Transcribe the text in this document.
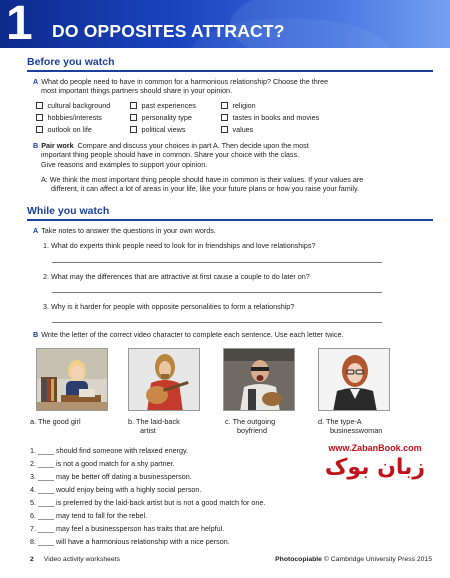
1 DO OPPOSITES ATTRACT?
Before you watch
A What do people need to have in common for a harmonious relationship? Choose the three
most important things partners should share in your opinion.
cultural background	past experiences	religion
hobbies/interests	personality type	tastes in books and movies
outlook on life	political views	values
B Pair work Compare and discuss your choices in part A. Then decide upon the most
important thing people should have in common. Share your choice with the class.
Give reasons and examples to support your opinion.
A: We think the most important thing people should have in common is their values. If your values are
different, it can affect a lot of areas in your life, like your future plans or how you raise your family.
While you watch
A Take notes to answer the questions in your own words.
1. What do experts think people need to look for in friendships and love relationships?
2. What may the differences that are attractive at first cause a couple to do later on?
3. Why is it harder for people with opposite personalities to form a relationship?
B Write the letter of the correct video character to complete each sentence. Use each letter twice.
a. The good girl	b. The laid-back
artist
c. The outgoing
boyfriend
d. The type-A
businesswoman
1. ____ should find someone with relaxed energy.
2. ____ is not a good match for a shy partner.
3. ____ may be better off dating a businessperson.
4. ____ would enjoy being with a highly social person.
5. ____ is preferred by the laid-back artist but is not a good match for one.
6. ____ may tend to fall for the rebel.
7. ____ may feel a businessperson has traits that are helpful.
8. ____ will have a harmonious relationship with a nice person.
www.ZabanBook.com
زبان بوک
2 Video activity worksheets	Photocopiable © Cambridge University Press 2015
